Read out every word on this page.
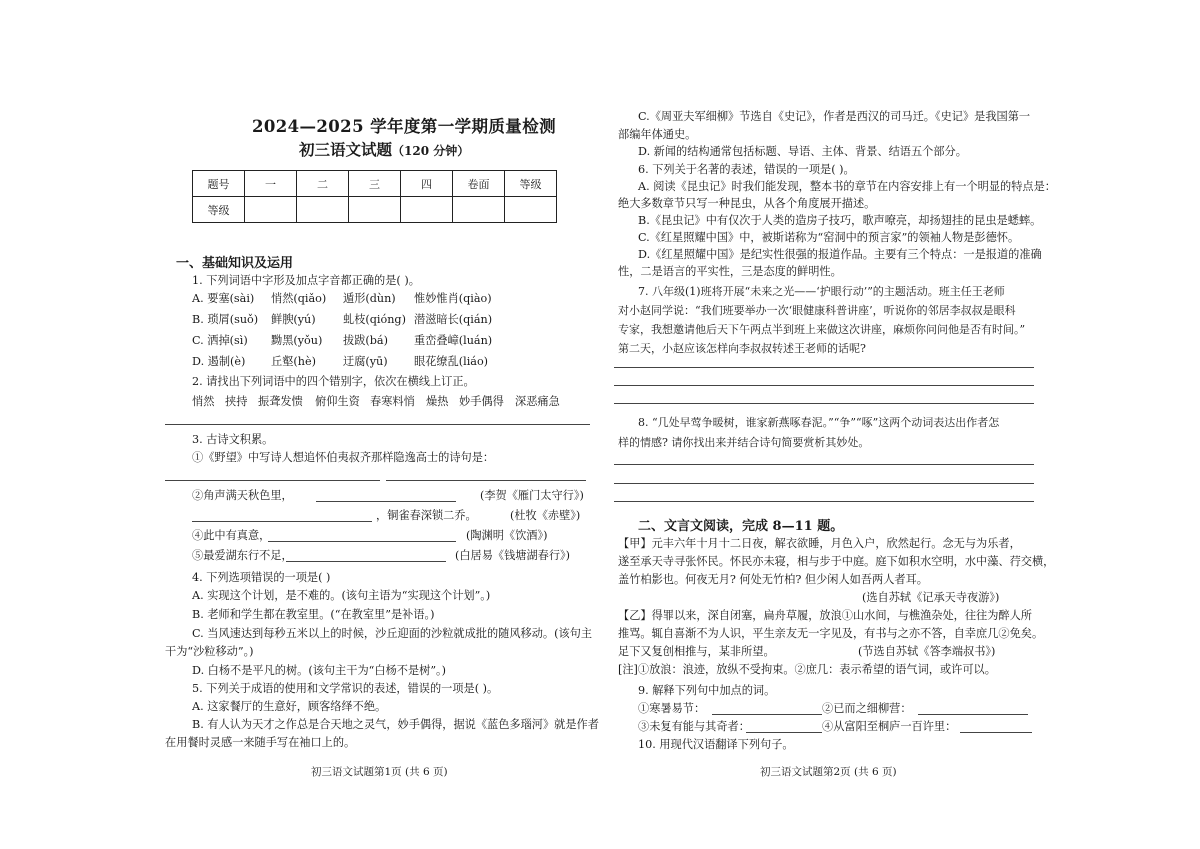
2024—2025 学年度第一学期质量检测
初三语文试题（120 分钟）
题号	一	二	三	四	卷面	等级
等级						
一、基础知识及运用
1. 下列词语中字形及加点字音都正确的是( )。
A. 要塞(sài) 悄然(qiǎo) 遁形(dùn) 惟妙惟肖(qiào)
B. 琐屑(suǒ) 鲜腴(yú) 虬枝(qióng) 潜滋暗长(qián)
C. 洒掉(sì) 黝黑(yǒu) 拔跋(bá) 重峦叠嶂(luán)
D. 遏制(è) 丘壑(hè) 迂腐(yū) 眼花缭乱(liáo)
2. 请找出下列词语中的四个错别字，依次在横线上订正。
悄然 挟持 振聋发愦 俯仰生资 春寒料悄 燥热 妙手偶得 深恶痛急
3. 古诗文积累。
①《野望》中写诗人想追怀伯夷叔齐那样隐逸高士的诗句是：
②角声满天秋色里，	(李贺《雁门太守行》)
，铜雀春深锁二乔。	(杜牧《赤壁》)
④此中有真意，	(陶渊明《饮酒》)
⑤最爱湖东行不足，	(白居易《钱塘湖春行》)
4. 下列选项错误的一项是( )
A. 实现这个计划，是不难的。(该句主语为“实现这个计划”。)
B. 老师和学生都在教室里。(“在教室里”是补语。)
C. 当风速达到每秒五米以上的时候，沙丘迎面的沙粒就成批的随风移动。(该句主
干为“沙粒移动”。)
D. 白杨不是平凡的树。(该句主干为“白杨不是树”。)
5. 下列关于成语的使用和文学常识的表述，错误的一项是( )。
A. 这家餐厅的生意好，顾客络绎不绝。
B. 有人认为天才之作总是合天地之灵气，妙手偶得，据说《蓝色多瑙河》就是作者
在用餐时灵感一来随手写在袖口上的。
初三语文试题第1页 (共 6 页)
C.《周亚夫军细柳》节选自《史记》，作者是西汉的司马迁。《史记》是我国第一
部编年体通史。
D. 新闻的结构通常包括标题、导语、主体、背景、结语五个部分。
6. 下列关于名著的表述，错误的一项是( )。
A. 阅读《昆虫记》时我们能发现，整本书的章节在内容安排上有一个明显的特点是：
绝大多数章节只写一种昆虫，从各个角度展开描述。
B.《昆虫记》中有仅次于人类的造房子技巧，歌声嘹亮，却扬翅挂的昆虫是蟋蟀。
C.《红星照耀中国》中，被斯诺称为“窑洞中的预言家”的领袖人物是彭德怀。
D.《红星照耀中国》是纪实性很强的报道作品。主要有三个特点：一是报道的准确
性，二是语言的平实性，三是态度的鲜明性。
7. 八年级(1)班将开展“未来之光——‘护眼行动’”的主题活动。班主任王老师
对小赵同学说：“我们班要举办一次‘眼健康科普讲座’，听说你的邻居李叔叔是眼科
专家，我想邀请他后天下午两点半到班上来做这次讲座，麻烦你问问他是否有时间。”
第二天，小赵应该怎样向李叔叔转述王老师的话呢?
8. “几处早莺争暖树，谁家新燕啄春泥。”“争”“啄”这两个动词表达出作者怎
样的情感? 请你找出来并结合诗句简要赏析其妙处。
二、文言文阅读，完成 8—11 题。
【甲】元丰六年十月十二日夜，解衣欲睡，月色入户，欣然起行。念无与为乐者，
遂至承天寺寻张怀民。怀民亦未寝，相与步于中庭。庭下如积水空明，水中藻、荇交横，
盖竹柏影也。何夜无月? 何处无竹柏? 但少闲人如吾两人者耳。
(选自苏轼《记承天寺夜游》)
【乙】得罪以来，深自闭塞，扁舟草履，放浪①山水间，与樵渔杂处，往往为醉人所
推骂。辄自喜渐不为人识，平生亲友无一字见及，有书与之亦不答，自幸庶几②免矣。
足下又复创相推与，某非所望。	(节选自苏轼《答李端叔书》)
[注]①放浪：浪迹，放纵不受拘束。②庶几：表示希望的语气词，或许可以。
9. 解释下列句中加点的词。
①寒暑易节：	②已而之细柳营：
③未复有能与其奇者：	④从富阳至桐庐一百许里：
10. 用现代汉语翻译下列句子。
初三语文试题第2页 (共 6 页)
